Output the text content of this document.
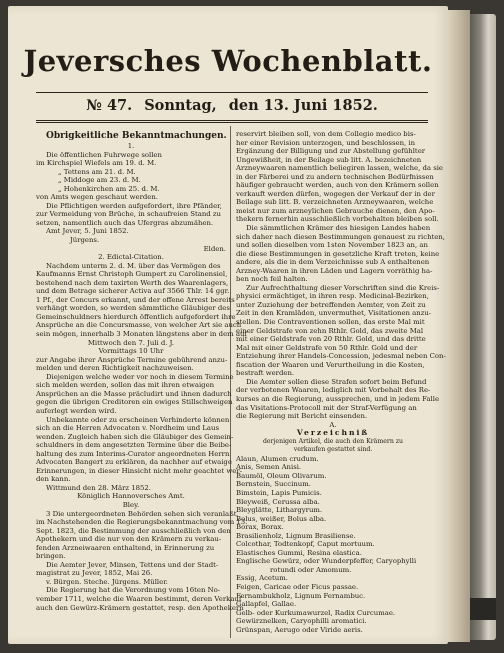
Jeversches Wochenblatt.
№ 47. Sonntag, den 13. Juni 1852.
Obrigkeitliche Bekanntmachungen.
1.
Die öffentlichen Fuhrwege sollen
im Kirchspiel Wiefels am 19. d. M.
„ Tettens am 21. d. M.
„ Middoge am 23. d. M.
„ Hohenkirchen am 25. d. M.
von Amts wegen geschaut werden.
Die Pflichtigen werden aufgefordert, ihre Pfänder,
zur Vermeidung von Brüche, in schaufreien Stand zu
setzen, namentlich auch das Ufergras abzumähen.
Amt Jever, 5. Juni 1852.
Jürgens.
Elden.
2. Edictal-Citation.
Nachdem unterm 2. d. M. über das Vermögen des
Kaufmanns Ernst Christoph Gumpert zu Carolinensiel,
bestehend nach dem taxirten Werth des Waarenlagers,
und dem Betrage sicherer Activa auf 3566 Thlr. 14 ggr.
1 Pf., der Concurs erkannt, und der offene Arrest bereits
verhängt worden, so werden sämmtliche Gläubiger des
Gemeinschuldners hierdurch öffentlich aufgefordert ihre
Ansprüche an die Concursmasse, von welcher Art sie auch
sein mögen, innerhalb 3 Monaten längstens aber in dem auf
Mittwoch den 7. Juli d. J.
Vormittags 10 Uhr
zur Angabe ihrer Ansprüche Termine gebührend anzu-
melden und deren Richtigkeit nachzuweisen.
Diejenigen welche weder vor noch in diesem Termine
sich melden werden, sollen das mit ihren etwaigen
Ansprüchen an die Masse präcludirt und ihnen dadurch
gegen die übrigen Creditoren ein ewiges Stillschweigen
auferlegt werden wird.
Unbekannte oder zu erscheinen Verhinderte können
sich an die Herren Advocaten v. Nordheim und Laus
wenden. Zugleich haben sich die Gläubiger des Gemein-
schuldners in dem angesetzten Termine über die Beibe-
haltung des zum Interims-Curator angeordneten Herrn
Advocaten Bangert zu erklären, da nachher auf etwaige
Erinnerungen, in dieser Hinsicht nicht mehr geachtet wer-
den kann.
Wittmund den 28. März 1852.
Königlich Hannoversches Amt.
Bley.
3 Die untergeordneten Behörden sehen sich veranlaßt,
im Nachstehenden die Regierungsbekanntmachung vom 13.
Sept. 1823, die Bestimmung der ausschließlich von den
Apothekern und die nur von den Krämern zu verkau-
fenden Arzneiwaaren enthaltend, in Erinnerung zu
bringen.
Die Aemter Jever, Minsen, Tettens und der Stadt-
magistrat zu Jever, 1852, Mai 26.
v. Bürgen. Steche. Jürgens. Müller.
Die Regierung hat die Verordnung vom 16ten No-
vember 1711, welche die Waaren bestimmt, deren Verkauf
auch den Gewürz-Krämern gestattet, resp. den Apothekern
reservirt bleiben soll, von dem Collegio medico bis-
her einer Revision unterzogen, und beschlossen, in
Ergänzung der Billigung und zur Abstellung gefühlter
Ungewißheit, in der Beilage sub litt. A. bezeichneten
Arzneywaaren namentlich beliegiren lassen, welche, da sie
in der Färberei und zu andern technischen Bedürfnissen
häufiger gebraucht werden, auch von den Krämern sollen
verkauft werden dürfen, wogegen der Verkauf der in der
Beilage sub litt. B. verzeichneten Arzneywaaren, welche
meist nur zum arzneylichen Gebrauche dienen, den Apo-
thekern fernerhin ausschließlich vorbehalten bleiben soll.
Die sämmtlichen Krämer des hiesigen Landes haben
sich daher nach diesen Bestimmungen genauest zu richten,
und sollen dieselben vom 1sten November 1823 an, an
die diese Bestimmungen in gesetzliche Kraft treten, keine
andere, als die in dem Verzeichnisse sub A enthaltenen
Arzney-Waaren in ihren Läden und Lagern vorräthig ha-
ben noch feil halten.
Zur Aufrechthaltung dieser Vorschriften sind die Kreis-
physici ermächtiget, in ihren resp. Medicinal-Bezirken,
unter Zuziehung der betreffenden Aemter, von Zeit zu
Zeit in den Kramläden, unvermuthet, Visitationen anzu-
stellen. Die Contraventionen sollen, das erste Mal mit
einer Geldstrafe von zehn Rthlr. Gold, das zweite Mal
mit einer Geldstrafe von 20 Rthlr. Gold, und das dritte
Mal mit einer Geldstrafe von 50 Rthlr. Gold und der
Entziehung ihrer Handels-Concession, jedesmal neben Con-
fiscation der Waaren und Verurtheilung in die Kosten,
bestraft werden.
Die Aemter sollen diese Strafen sofort beim Befund
der verbotenen Waaren, lediglich mit Vorbehalt des Re-
kurses an die Regierung, aussprechen, und in jedem Falle
das Visitations-Protocoll mit der Straf-Verfügung an
die Regierung mit Bericht einsenden.
A.
Verzeichniß
derjenigen Artikel, die auch den Krämern zu
verkaufen gestattet sind.
Alaun, Alumen crudum.
Anis, Semen Anisi.
Baumöl, Oleum Olivarum.
Bernstein, Succinum.
Bimstein, Lapis Pumicis.
Bleyweiß, Cerussa alba.
Bleyglätte, Lithargyrum.
Bolus, weißer, Bolus alba.
Borax, Borax.
Brasilienholz, Lignum Brasiliense.
Colcothar, Todtenkopf, Caput mortuum.
Elastisches Gummi, Resina elastica.
Englische Gewürz, oder Wunderpfeffer, Caryophylli
rotundi oder Amomum.
Essig, Acetum.
Feigen, Caricae oder Ficus passae.
Fernambukholz, Lignum Fernambuc.
Gallapfel, Gallae.
Gelb- oder Kurkumawurzel, Radix Curcumae.
Gewürznelken, Caryophilli aromatici.
Grünspan, Aerugo oder Viride aeris.
